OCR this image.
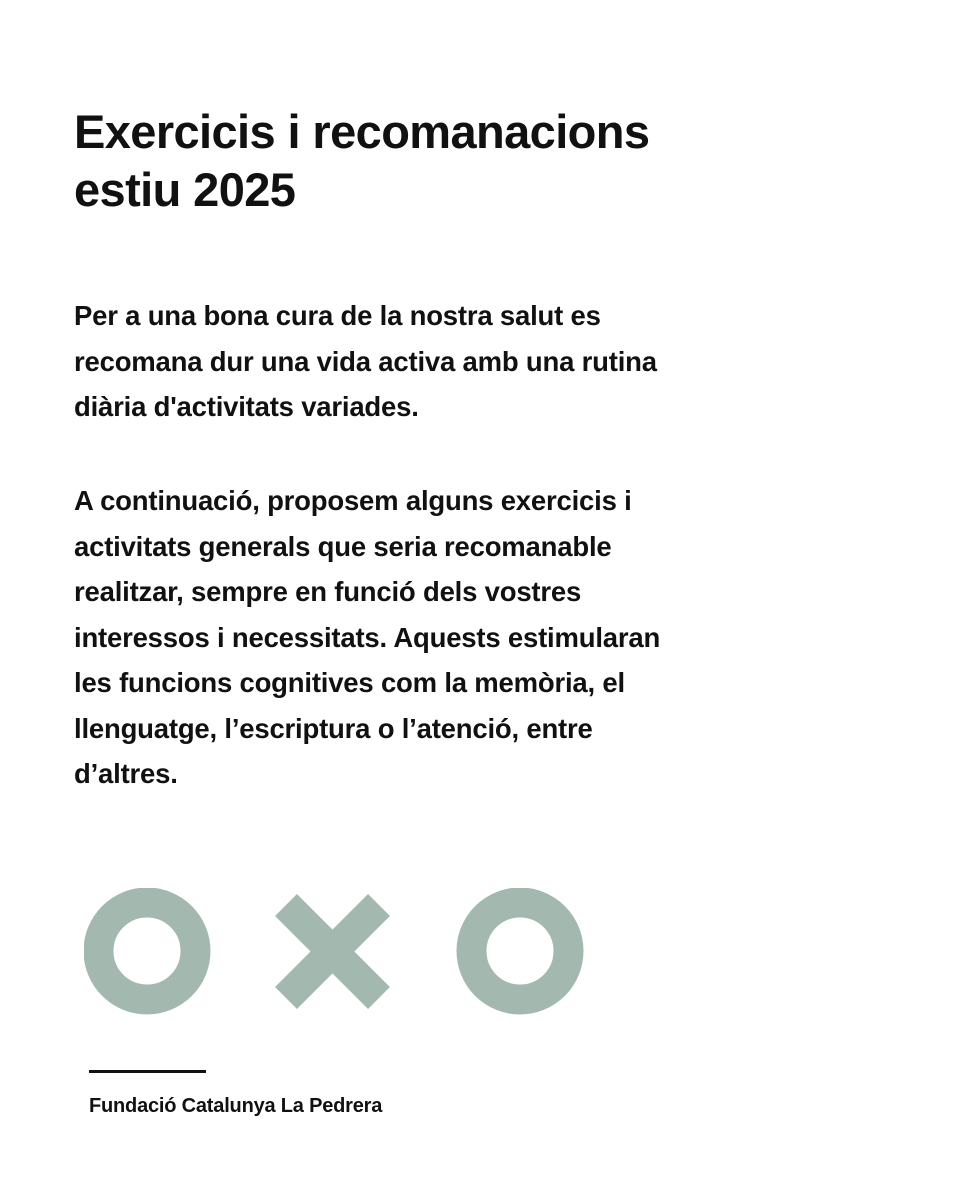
Exercicis i recomanacions
estiu 2025

Per a una bona cura de la nostra salut es
recomana dur una vida activa amb una rutina
diària d'activitats variades.

A continuació, proposem alguns exercicis i
activitats generals que seria recomanable
realitzar, sempre en funció dels vostres
interessos i necessitats. Aquests estimularan
les funcions cognitives com la memòria, el
llenguatge, l’escriptura o l’atenció, entre
d’altres.

Fundació Catalunya La Pedrera
